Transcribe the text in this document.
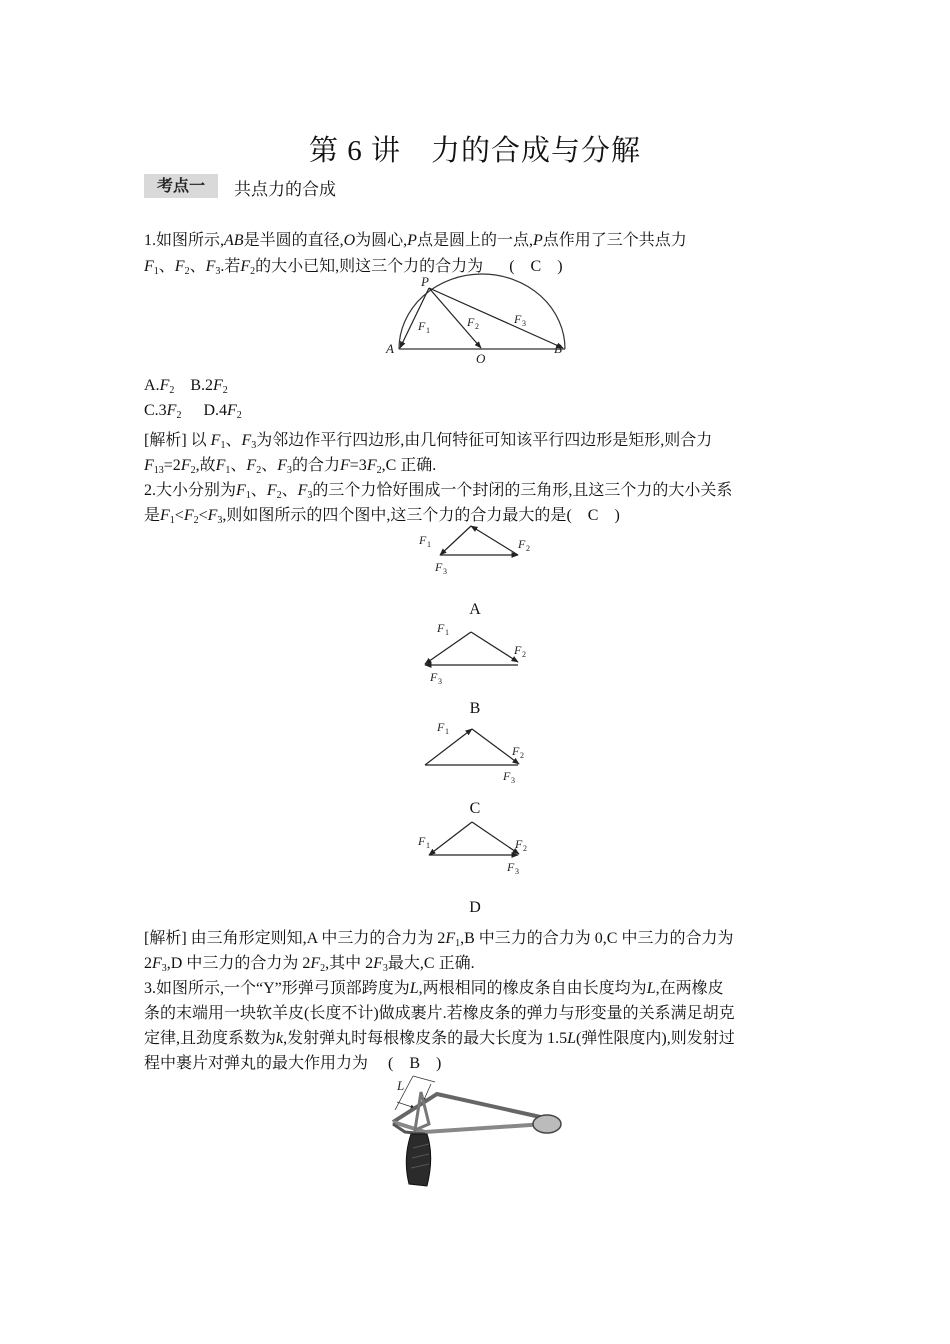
第 6 讲　力的合成与分解
考点一	共点力的合成
1.如图所示,AB是半圆的直径,O为圆心,P点是圆上的一点,P点作用了三个共点力
$F_1$、$F_2$、$F_3$.若$F_2$的大小已知,则这三个力的合力为 (　C　)
P
A
O
B
F 1
F 2
F 3
$A.F_2$ $B.2F_2$
$C.3F_2$ $D.4F_2$
[解析] 以 $F_1$、$F_3$为邻边作平行四边形,由几何特征可知该平行四边形是矩形,则合力
$F_{13}=2F_2$,故$F_1$、$F_2$、$F_3$的合力$F=3F_2,C$ 正确.
2.大小分别为$F_1$、$F_2$、$F_3$的三个力恰好围成一个封闭的三角形,且这三个力的大小关系
是$F_1<F_2<F_3$,则如图所示的四个图中,这三个力的合力最大的是(　C　)
F 1	F 2
F 3
A
F 1
F 2
F 3
B
F 1
F 2
F 3
C
F 1	F 2
F 3
D
[解析] 由三角形定则知,A 中三力的合力为 $2F_1,B$ 中三力的合力为 0,C 中三力的合力为
$2F_3,D$ 中三力的合力为 $2F_2$,其中 $2F_3$最大,C 正确.
3.如图所示,一个“Y”形弹弓顶部跨度为L,两根相同的橡皮条自由长度均为L,在两橡皮
条的末端用一块软羊皮(长度不计)做成裹片.若橡皮条的弹力与形变量的关系满足胡克
定律,且劲度系数为k,发射弹丸时每根橡皮条的最大长度为 1.5L(弹性限度内),则发射过
程中裹片对弹丸的最大作用力为 (　B　)
L
